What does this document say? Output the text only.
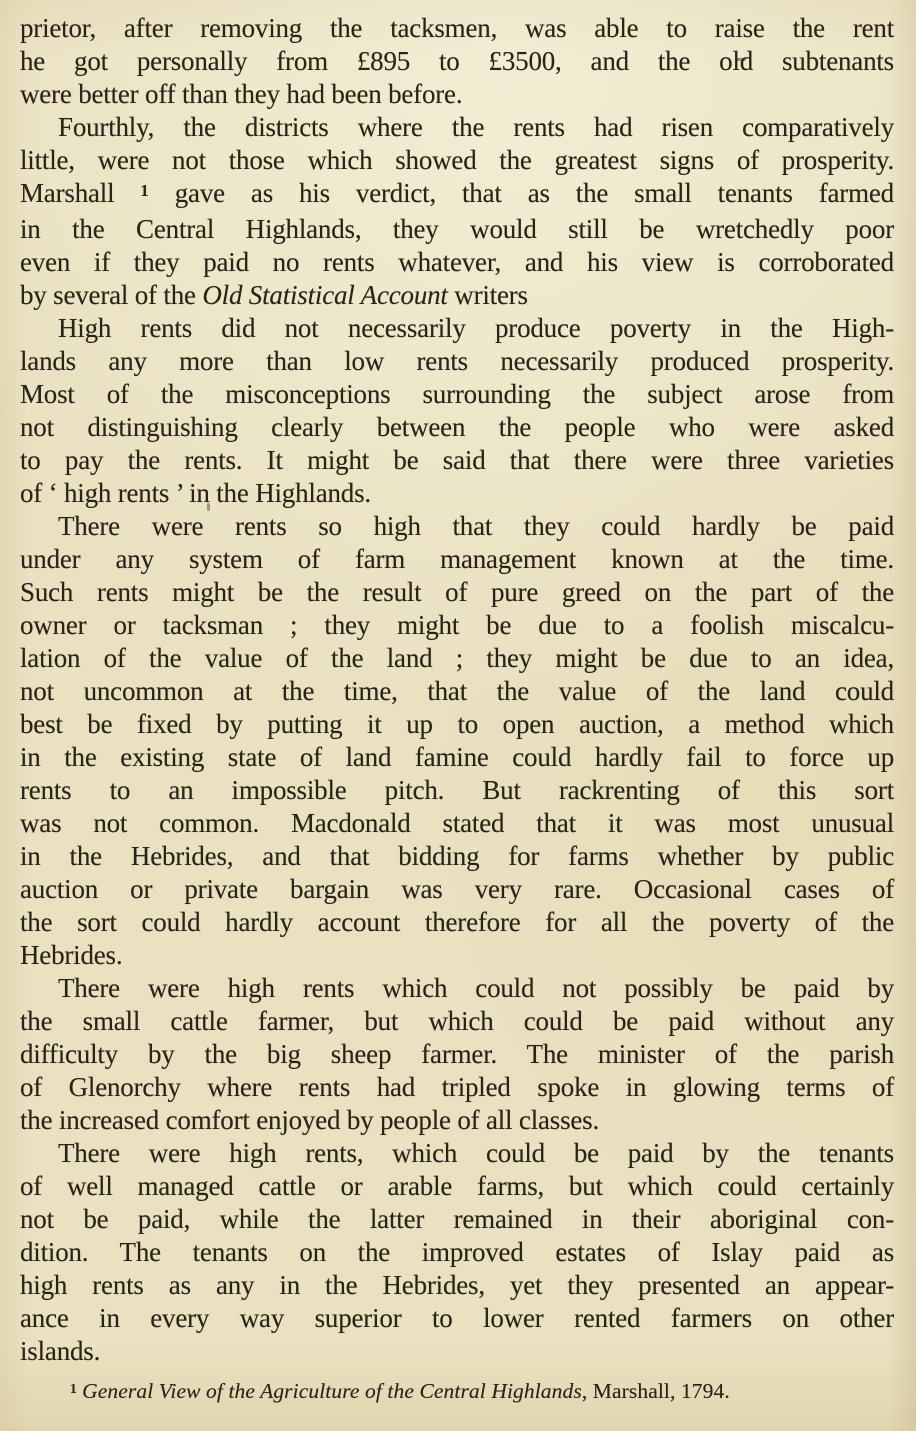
prietor, after removing the tacksmen, was able to raise the rent
he got personally from £895 to £3500, and the old subtenants
were better off than they had been before.
Fourthly, the districts where the rents had risen comparatively
little, were not those which showed the greatest signs of prosperity.
Marshall $^1$ gave as his verdict, that as the small tenants farmed
in the Central Highlands, they would still be wretchedly poor
even if they paid no rents whatever, and his view is corroborated
by several of the Old Statistical Account writers
High rents did not necessarily produce poverty in the High-
lands any more than low rents necessarily produced prosperity.
Most of the misconceptions surrounding the subject arose from
not distinguishing clearly between the people who were asked
to pay the rents. It might be said that there were three varieties
of ‘ high rents ’ in the Highlands.
There were rents so high that they could hardly be paid
under any system of farm management known at the time.
Such rents might be the result of pure greed on the part of the
owner or tacksman ; they might be due to a foolish miscalcu-
lation of the value of the land ; they might be due to an idea,
not uncommon at the time, that the value of the land could
best be fixed by putting it up to open auction, a method which
in the existing state of land famine could hardly fail to force up
rents to an impossible pitch. But rackrenting of this sort
was not common. Macdonald stated that it was most unusual
in the Hebrides, and that bidding for farms whether by public
auction or private bargain was very rare. Occasional cases of
the sort could hardly account therefore for all the poverty of the
Hebrides.
There were high rents which could not possibly be paid by
the small cattle farmer, but which could be paid without any
difficulty by the big sheep farmer. The minister of the parish
of Glenorchy where rents had tripled spoke in glowing terms of
the increased comfort enjoyed by people of all classes.
There were high rents, which could be paid by the tenants
of well managed cattle or arable farms, but which could certainly
not be paid, while the latter remained in their aboriginal con-
dition. The tenants on the improved estates of Islay paid as
high rents as any in the Hebrides, yet they presented an appear-
ance in every way superior to lower rented farmers on other
islands.
$^1$ General View of the Agriculture of the Central Highlands, Marshall, 1794.
